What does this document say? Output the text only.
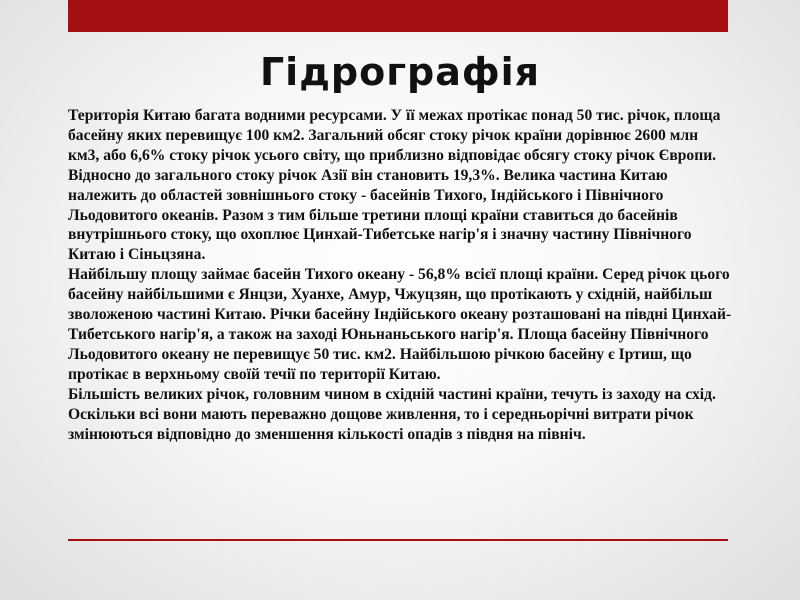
Гідрографія

Територія Китаю багата водними ресурсами. У її межах протікає понад 50 тис. річок, площа басейну яких перевищує 100 км2. Загальний обсяг стоку річок країни дорівнює 2600 млн км3, або 6,6% стоку річок усього світу, що приблизно відповідає обсягу стоку річок Європи.

Відносно до загального стоку річок Азії він становить 19,3%. Велика частина Китаю належить до областей зовнішнього стоку - басейнів Тихого, Індійського і Північного Льодовитого океанів. Разом з тим більше третини площі країни ставиться до басейнів внутрішнього стоку, що охоплює Цинхай-Тибетське нагір'я і значну частину Північного Китаю і Сіньцзяна.

Найбільшу площу займає басейн Тихого океану - 56,8% всієї площі країни. Серед річок цього басейну найбільшими є Янцзи, Хуанхе, Амур, Чжуцзян, що протікають у східній, найбільш зволоженою частині Китаю. Річки басейну Індійського океану розташовані на півдні Цинхай-Тибетського нагір'я, а також на заході Юньнаньського нагір'я. Площа басейну Північного Льодовитого океану не перевищує 50 тис. км2. Найбільшою річкою басейну є Іртиш, що протікає в верхньому своїй течії по території Китаю.

Більшість великих річок, головним чином в східній частині країни, течуть із заходу на схід. Оскільки всі вони мають переважно дощове живлення, то і середньорічні витрати річок змінюються відповідно до зменшення кількості опадів з півдня на північ.
